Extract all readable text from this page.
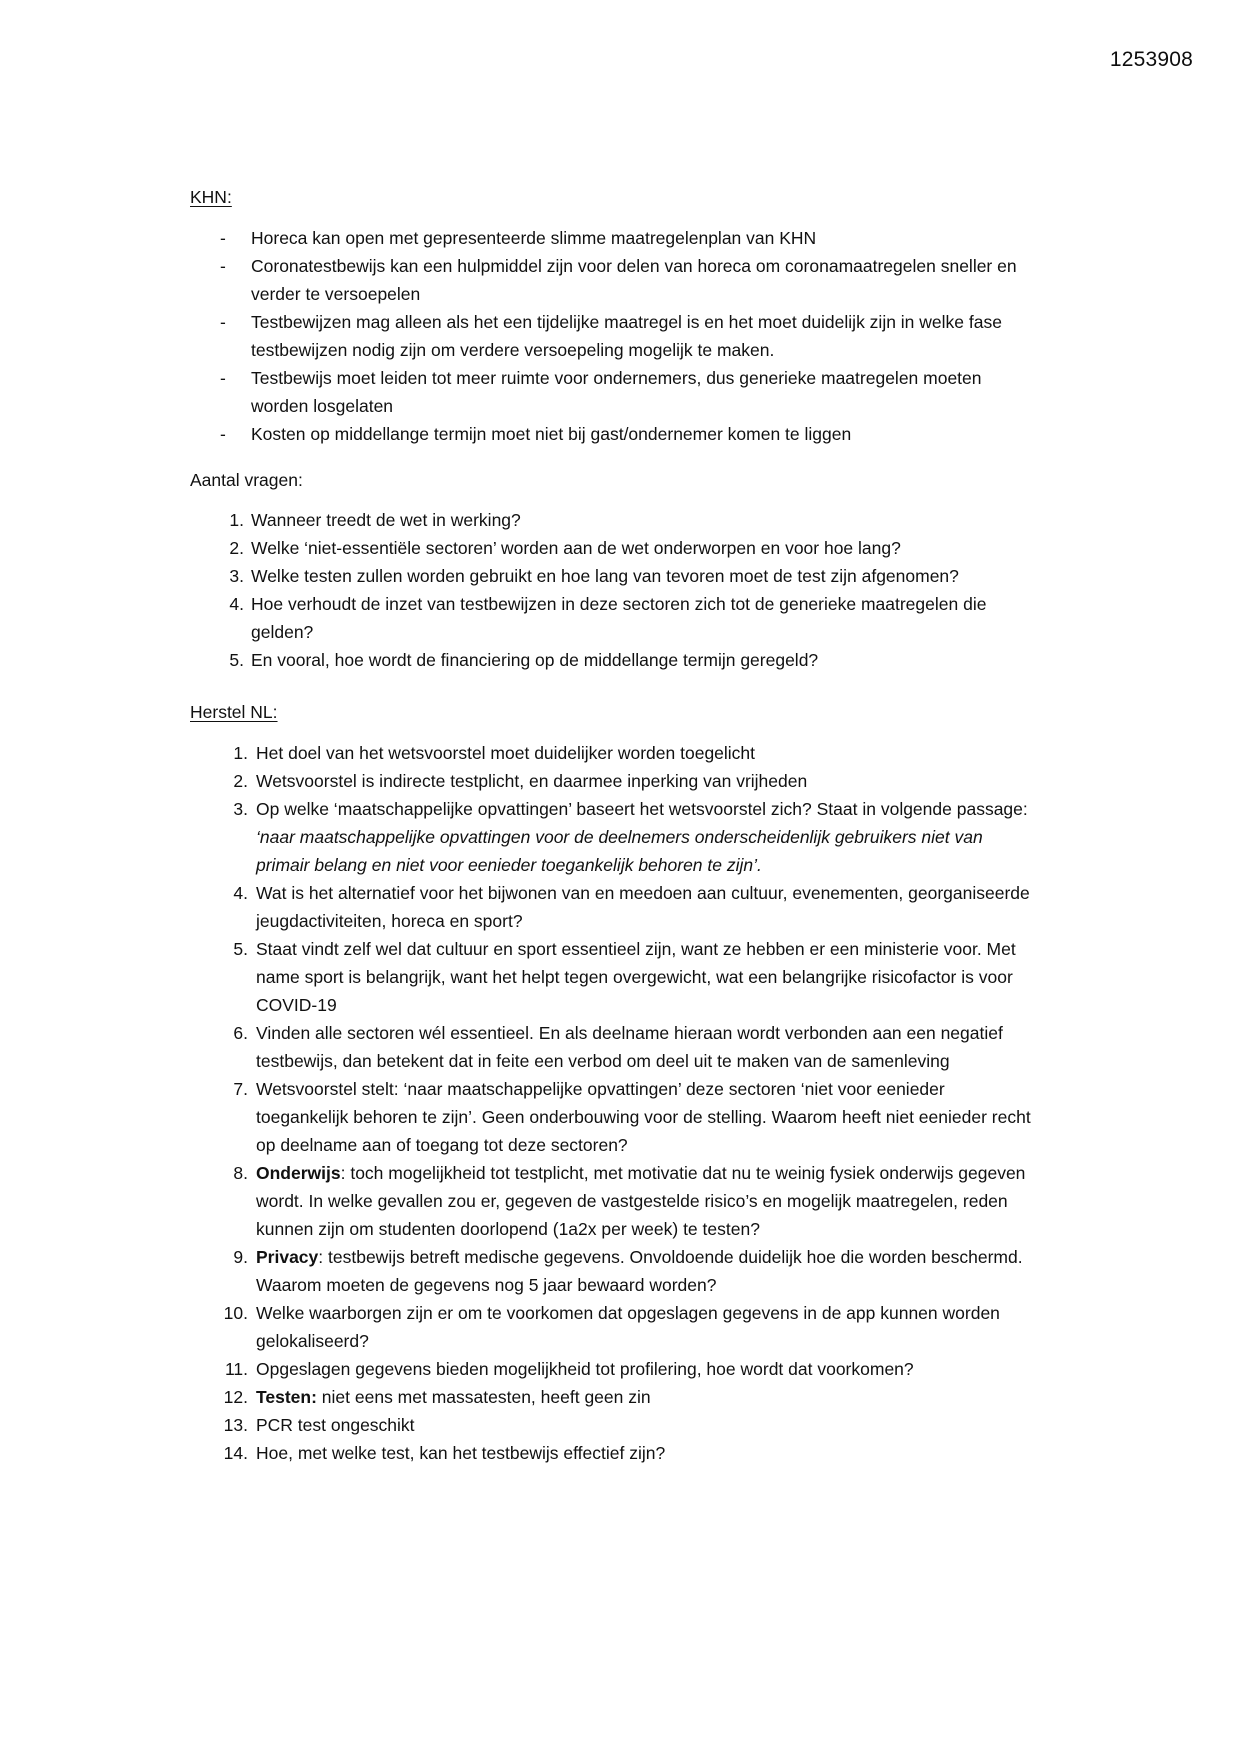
1253908
KHN:
- Horeca kan open met gepresenteerde slimme maatregelenplan van KHN
- Coronatestbewijs kan een hulpmiddel zijn voor delen van horeca om coronamaatregelen sneller en verder te versoepelen
- Testbewijzen mag alleen als het een tijdelijke maatregel is en het moet duidelijk zijn in welke fase testbewijzen nodig zijn om verdere versoepeling mogelijk te maken.
- Testbewijs moet leiden tot meer ruimte voor ondernemers, dus generieke maatregelen moeten worden losgelaten
- Kosten op middellange termijn moet niet bij gast/ondernemer komen te liggen
Aantal vragen:
1. Wanneer treedt de wet in werking?
2. Welke ‘niet-essentiële sectoren’ worden aan de wet onderworpen en voor hoe lang?
3. Welke testen zullen worden gebruikt en hoe lang van tevoren moet de test zijn afgenomen?
4. Hoe verhoudt de inzet van testbewijzen in deze sectoren zich tot de generieke maatregelen die gelden?
5. En vooral, hoe wordt de financiering op de middellange termijn geregeld?
Herstel NL:
1. Het doel van het wetsvoorstel moet duidelijker worden toegelicht
2. Wetsvoorstel is indirecte testplicht, en daarmee inperking van vrijheden
3. Op welke ‘maatschappelijke opvattingen’ baseert het wetsvoorstel zich? Staat in volgende passage: ‘naar maatschappelijke opvattingen voor de deelnemers onderscheidenlijk gebruikers niet van primair belang en niet voor eenieder toegankelijk behoren te zijn’.
4. Wat is het alternatief voor het bijwonen van en meedoen aan cultuur, evenementen, georganiseerde jeugdactiviteiten, horeca en sport?
5. Staat vindt zelf wel dat cultuur en sport essentieel zijn, want ze hebben er een ministerie voor. Met name sport is belangrijk, want het helpt tegen overgewicht, wat een belangrijke risicofactor is voor COVID-19
6. Vinden alle sectoren wél essentieel. En als deelname hieraan wordt verbonden aan een negatief testbewijs, dan betekent dat in feite een verbod om deel uit te maken van de samenleving
7. Wetsvoorstel stelt: ‘naar maatschappelijke opvattingen’ deze sectoren ‘niet voor eenieder toegankelijk behoren te zijn’. Geen onderbouwing voor de stelling. Waarom heeft niet eenieder recht op deelname aan of toegang tot deze sectoren?
8. Onderwijs: toch mogelijkheid tot testplicht, met motivatie dat nu te weinig fysiek onderwijs gegeven wordt. In welke gevallen zou er, gegeven de vastgestelde risico’s en mogelijk maatregelen, reden kunnen zijn om studenten doorlopend (1a2x per week) te testen?
9. Privacy: testbewijs betreft medische gegevens. Onvoldoende duidelijk hoe die worden beschermd. Waarom moeten de gegevens nog 5 jaar bewaard worden?
10. Welke waarborgen zijn er om te voorkomen dat opgeslagen gegevens in de app kunnen worden gelokaliseerd?
11. Opgeslagen gegevens bieden mogelijkheid tot profilering, hoe wordt dat voorkomen?
12. Testen: niet eens met massatesten, heeft geen zin
13. PCR test ongeschikt
14. Hoe, met welke test, kan het testbewijs effectief zijn?
